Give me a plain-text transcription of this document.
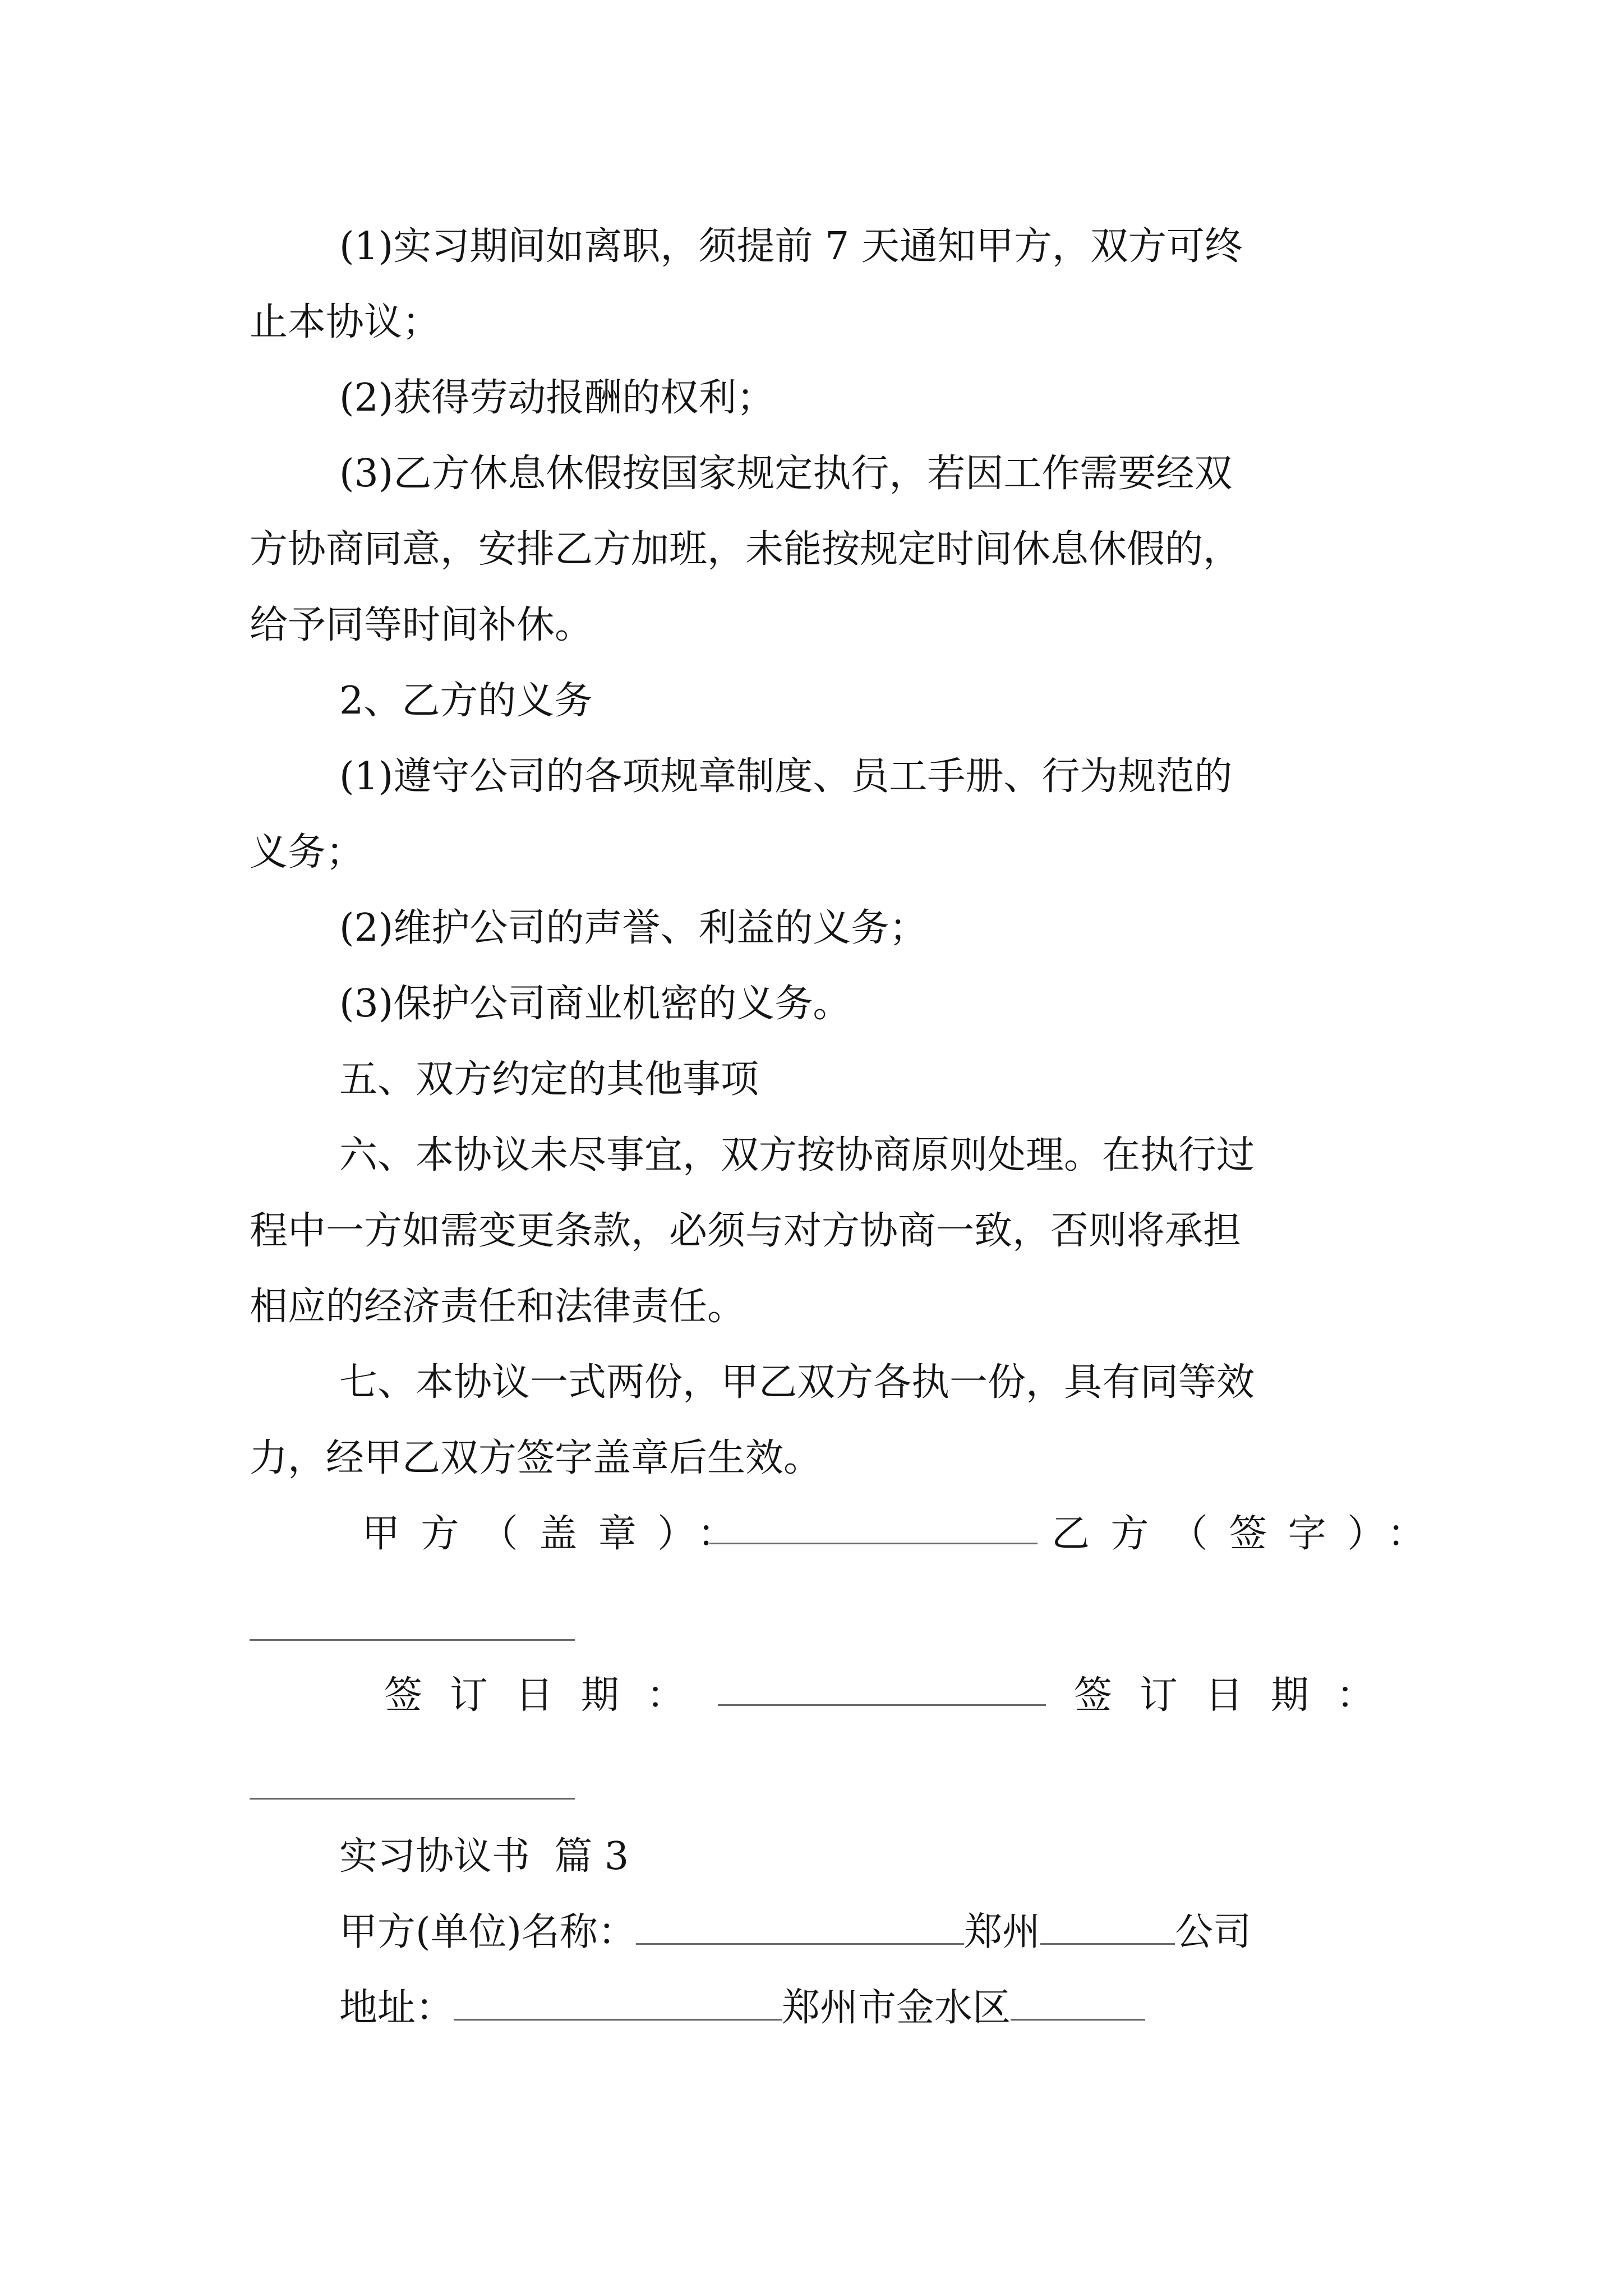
(1)实习期间如离职，须提前 7 天通知甲方，双方可终
止本协议；
(2)获得劳动报酬的权利；
(3)乙方休息休假按国家规定执行，若因工作需要经双
方协商同意，安排乙方加班，未能按规定时间休息休假的，
给予同等时间补休。
2、乙方的义务
(1)遵守公司的各项规章制度、员工手册、行为规范的
义务；
(2)维护公司的声誉、利益的义务；
(3)保护公司商业机密的义务。
五、双方约定的其他事项
六、本协议未尽事宜，双方按协商原则处理。在执行过
程中一方如需变更条款，必须与对方协商一致，否则将承担
相应的经济责任和法律责任。
七、本协议一式两份，甲乙双方各执一份，具有同等效
力，经甲乙双方签字盖章后生效。
甲方（盖章）：	乙方（签字）：
签订日期：	签订日期：
实习协议书  篇 3
甲方(单位)名称：	郑州	公司
地址：	郑州市金水区
